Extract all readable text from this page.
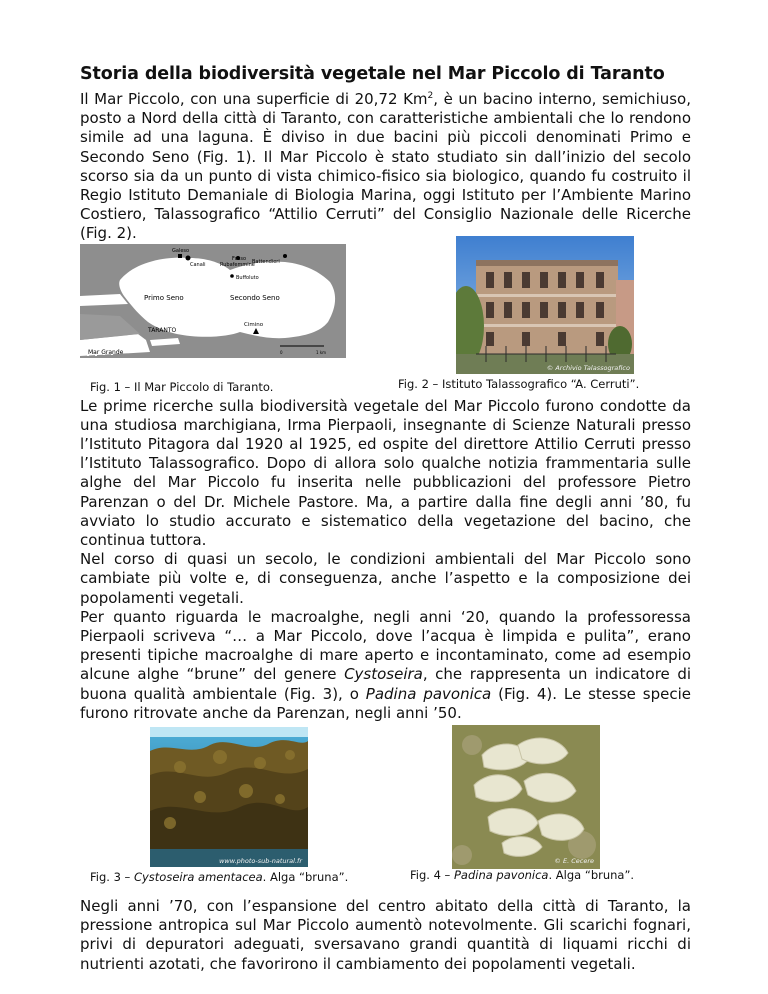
Storia della biodiversità vegetale nel Mar Piccolo di Taranto

Il Mar Piccolo, con una superficie di 20,72 Km$^2$, è un bacino interno, semichiuso, posto a Nord della città di Taranto, con caratteristiche ambientali che lo rendono simile ad una laguna. È diviso in due bacini più piccoli denominati Primo e Secondo Seno (Fig. 1). Il Mar Piccolo è stato studiato sin dall’inizio del secolo scorso sia da un punto di vista chimico-fisico sia biologico, quando fu costruito il Regio Istituto Demaniale di Biologia Marina, oggi Istituto per l’Ambiente Marino Costiero, Talassografico “Attilio Cerruti” del Consiglio Nazionale delle Ricerche (Fig. 2).

Galeso
Canali
Fosso
Rubafemmine
Battendieri
Buffoluto
Primo Seno	Secondo Seno
TARANTO
Cimino
Mar Grande	0	1 km
© Archivio Talassografico
Fig. 1 – Il Mar Piccolo di Taranto.	Fig. 2 – Istituto Talassografico “A. Cerruti”.

Le prime ricerche sulla biodiversità vegetale del Mar Piccolo furono condotte da una studiosa marchigiana, Irma Pierpaoli, insegnante di Scienze Naturali presso l’Istituto Pitagora dal 1920 al 1925, ed ospite del direttore Attilio Cerruti presso l’Istituto Talassografico. Dopo di allora solo qualche notizia frammentaria sulle alghe del Mar Piccolo fu inserita nelle pubblicazioni del professore Pietro Parenzan o del Dr. Michele Pastore. Ma, a partire dalla fine degli anni ’80, fu avviato lo studio accurato e sistematico della vegetazione del bacino, che continua tuttora.

Nel corso di quasi un secolo, le condizioni ambientali del Mar Piccolo sono cambiate più volte e, di conseguenza, anche l’aspetto e la composizione dei popolamenti vegetali.

Per quanto riguarda le macroalghe, negli anni ‘20, quando la professoressa Pierpaoli scriveva “… a Mar Piccolo, dove l’acqua è limpida e pulita”, erano presenti tipiche macroalghe di mare aperto e incontaminato, come ad esempio alcune alghe “brune” del genere Cystoseira, che rappresenta un indicatore di buona qualità ambientale (Fig. 3), o Padina pavonica (Fig. 4). Le stesse specie furono ritrovate anche da Parenzan, negli anni ’50.

www.photo-sub-natural.fr	© E. Cecere
Fig. 3 – Cystoseira amentacea. Alga “bruna”.	Fig. 4 – Padina pavonica. Alga “bruna”.

Negli anni ’70, con l’espansione del centro abitato della città di Taranto, la pressione antropica sul Mar Piccolo aumentò notevolmente. Gli scarichi fognari, privi di depuratori adeguati, sversavano grandi quantità di liquami ricchi di nutrienti azotati, che favorirono il cambiamento dei popolamenti vegetali.
